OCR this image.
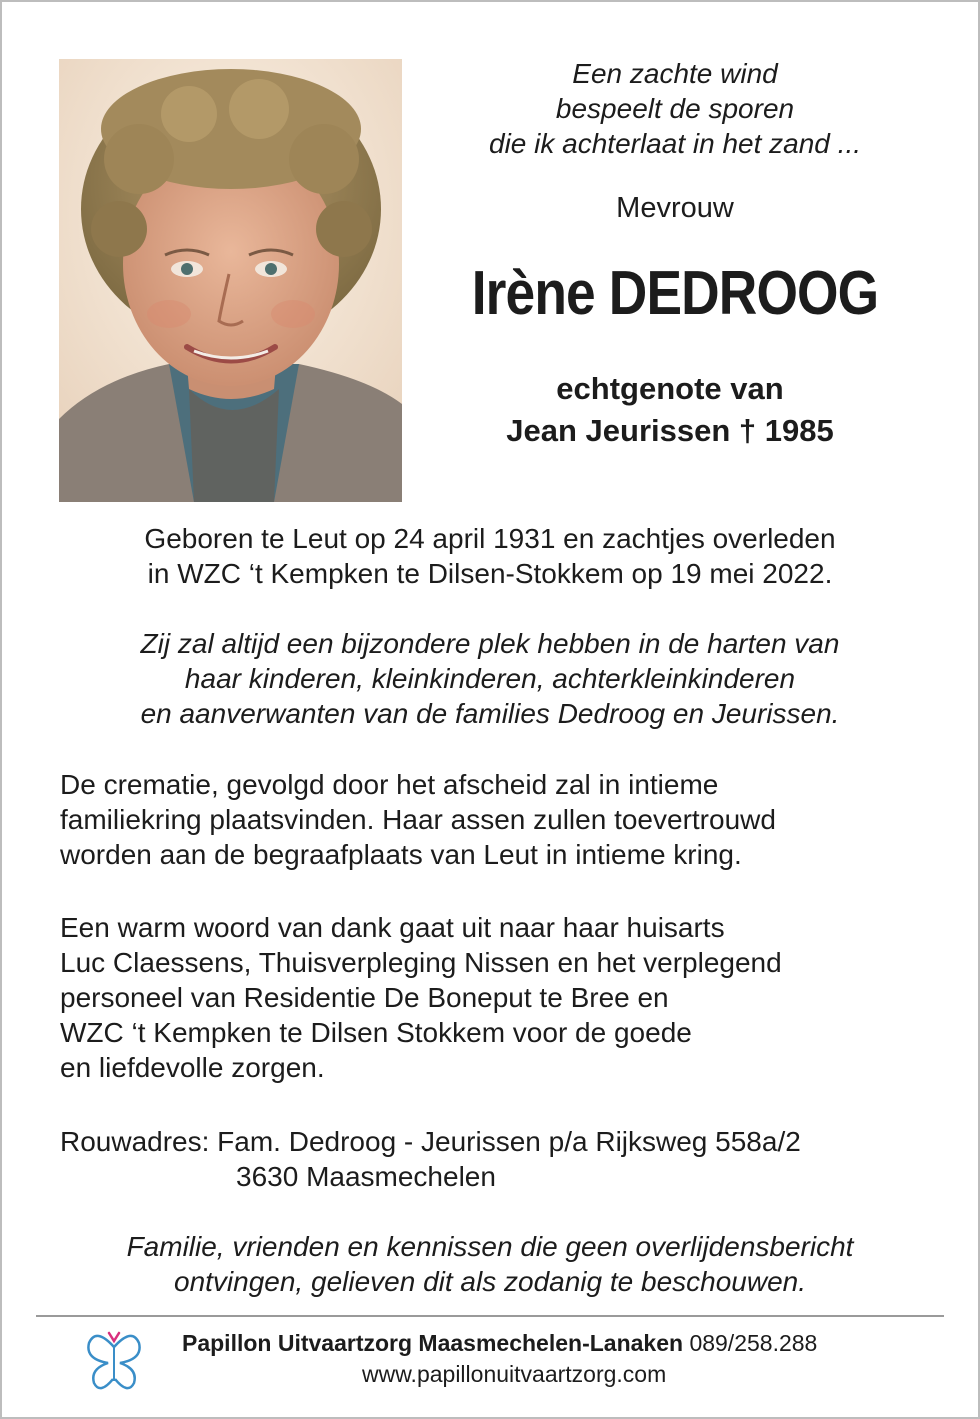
Een zachte wind
bespeelt de sporen
die ik achterlaat in het zand ...
Mevrouw
Irène DEDROOG
echtgenote van
Jean Jeurissen † 1985
Geboren te Leut op 24 april 1931 en zachtjes overleden
in WZC ‘t Kempken te Dilsen-Stokkem op 19 mei 2022.
Zij zal altijd een bijzondere plek hebben in de harten van
haar kinderen, kleinkinderen, achterkleinkinderen
en aanverwanten van de families Dedroog en Jeurissen.
De crematie, gevolgd door het afscheid zal in intieme
familiekring plaatsvinden. Haar assen zullen toevertrouwd
worden aan de begraafplaats van Leut in intieme kring.
Een warm woord van dank gaat uit naar haar huisarts
Luc Claessens, Thuisverpleging Nissen en het verplegend
personeel van Residentie De Boneput te Bree en
WZC ‘t Kempken te Dilsen Stokkem voor de goede
en liefdevolle zorgen.
Rouwadres: Fam. Dedroog - Jeurissen p/a Rijksweg 558a/2
3630 Maasmechelen
Familie, vrienden en kennissen die geen overlijdensbericht
ontvingen, gelieven dit als zodanig te beschouwen.
Papillon Uitvaartzorg Maasmechelen-Lanaken 089/258.288
www.papillonuitvaartzorg.com
